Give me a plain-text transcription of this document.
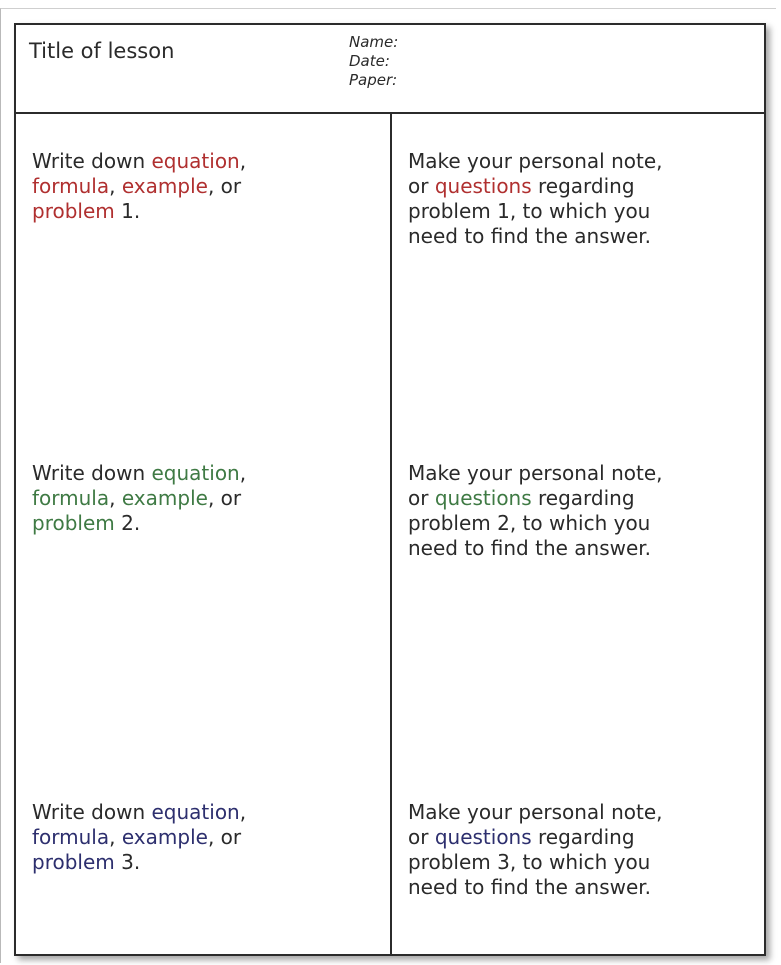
Title of lesson	Name:
Date:
Paper:
Write down equation,
formula, example, or
problem 1.
Write down equation,
formula, example, or
problem 2.
Write down equation,
formula, example, or
problem 3.
Make your personal note,
or questions regarding
problem 1, to which you
need to find the answer.
Make your personal note,
or questions regarding
problem 2, to which you
need to find the answer.
Make your personal note,
or questions regarding
problem 3, to which you
need to find the answer.
